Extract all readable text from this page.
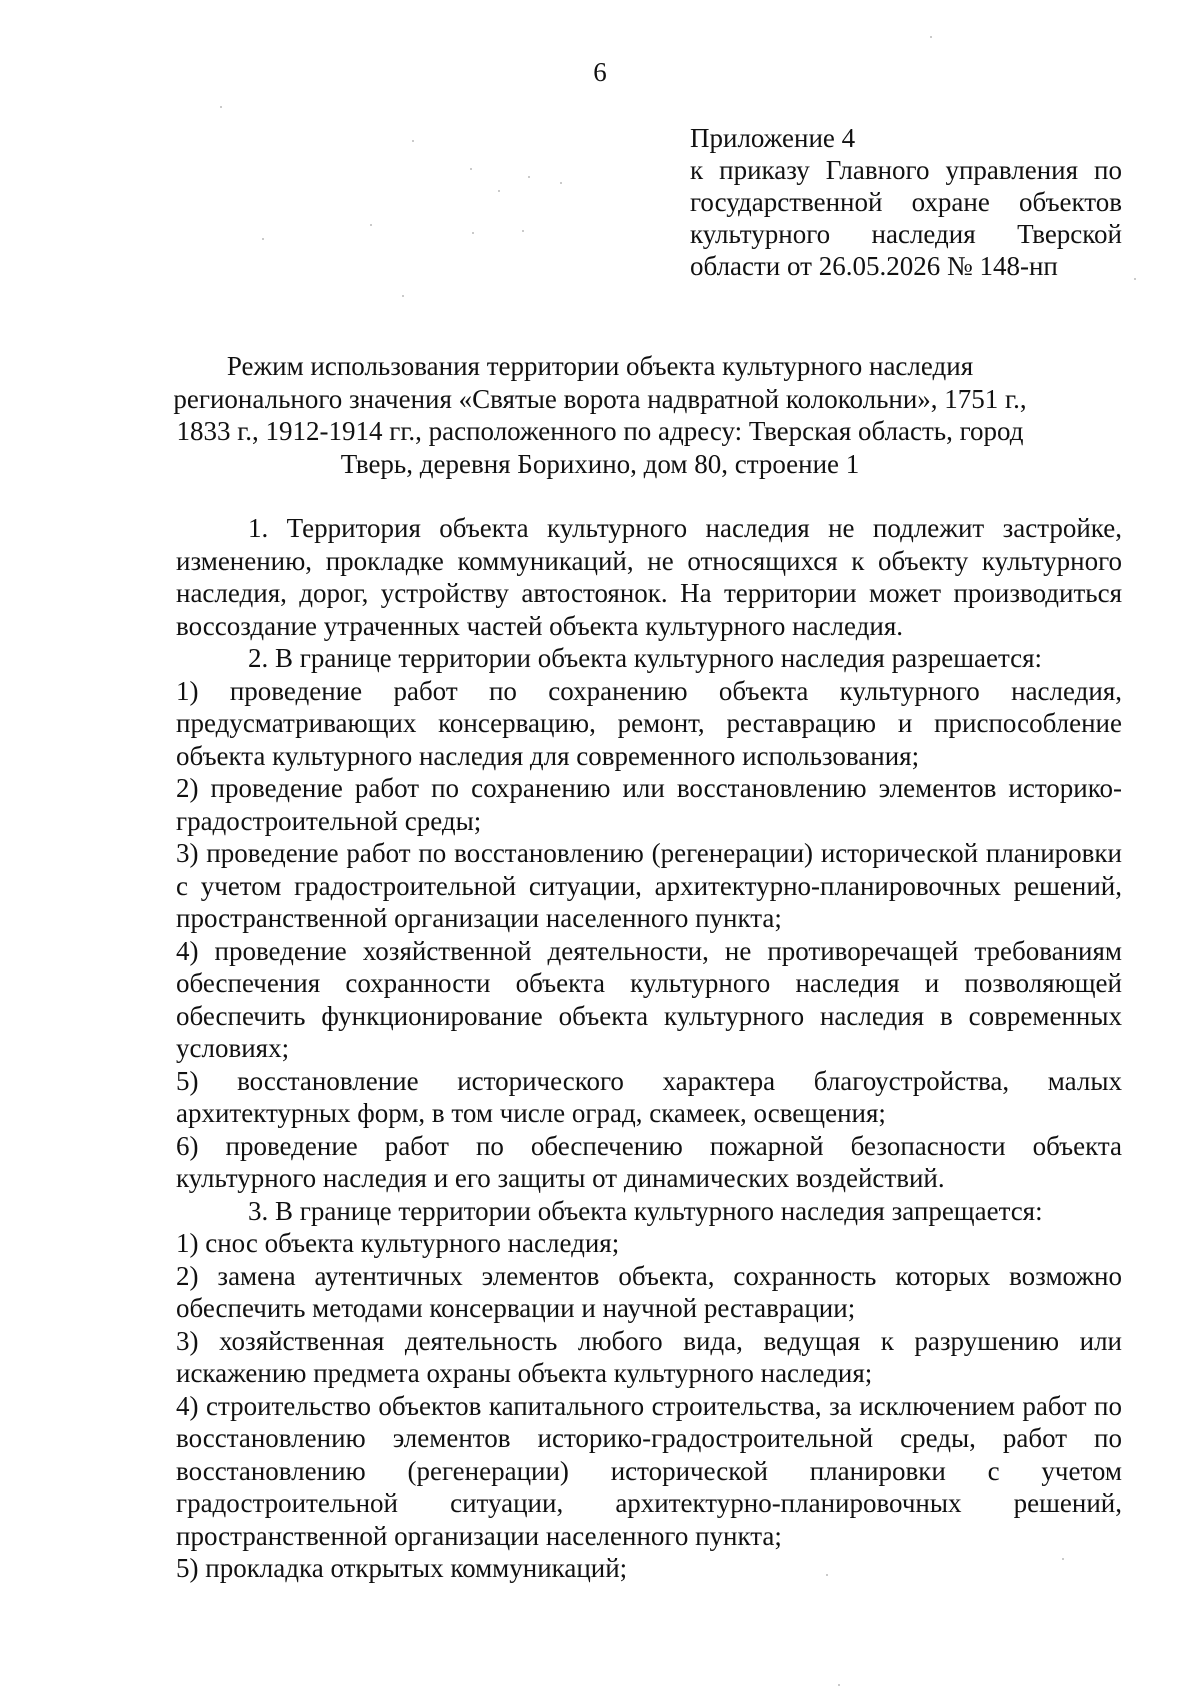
6
Приложение 4
к приказу Главного управления по
государственной охране объектов
культурного наследия Тверской
области от 26.05.2026 № 148-нп
Режим использования территории объекта культурного наследия
регионального значения «Святые ворота надвратной колокольни», 1751 г.,
1833 г., 1912-1914 гг., расположенного по адресу: Тверская область, город
Тверь, деревня Борихино, дом 80, строение 1

1. Территория объекта культурного наследия не подлежит застройке, изменению, прокладке коммуникаций, не относящихся к объекту культурного наследия, дорог, устройству автостоянок. На территории может производиться воссоздание утраченных частей объекта культурного наследия.

2. В границе территории объекта культурного наследия разрешается:

1) проведение работ по сохранению объекта культурного наследия, предусматривающих консервацию, ремонт, реставрацию и приспособление объекта культурного наследия для современного использования;

2) проведение работ по сохранению или восстановлению элементов историко-градостроительной среды;

3) проведение работ по восстановлению (регенерации) исторической планировки с учетом градостроительной ситуации, архитектурно-планировочных решений, пространственной организации населенного пункта;

4) проведение хозяйственной деятельности, не противоречащей требованиям обеспечения сохранности объекта культурного наследия и позволяющей обеспечить функционирование объекта культурного наследия в современных условиях;

5) восстановление исторического характера благоустройства, малых архитектурных форм, в том числе оград, скамеек, освещения;

6) проведение работ по обеспечению пожарной безопасности объекта культурного наследия и его защиты от динамических воздействий.

3. В границе территории объекта культурного наследия запрещается:

1) снос объекта культурного наследия;

2) замена аутентичных элементов объекта, сохранность которых возможно обеспечить методами консервации и научной реставрации;

3) хозяйственная деятельность любого вида, ведущая к разрушению или искажению предмета охраны объекта культурного наследия;

4) строительство объектов капитального строительства, за исключением работ по восстановлению элементов историко-градостроительной среды, работ по восстановлению (регенерации) исторической планировки с учетом градостроительной ситуации, архитектурно-планировочных решений, пространственной организации населенного пункта;

5) прокладка открытых коммуникаций;
